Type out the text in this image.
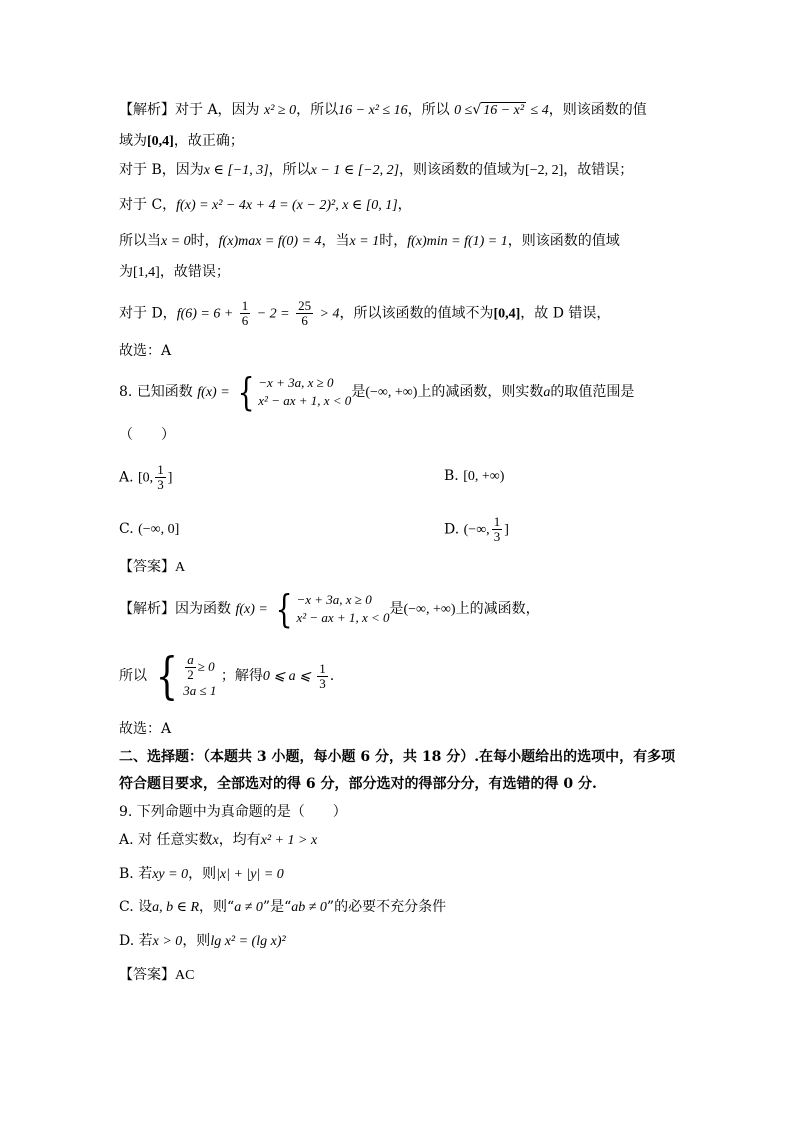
【解析】对于 A，因为 x² ≥ 0，所以16 − x² ≤ 16，所以 0 ≤√ 16 − x² ≤ 4，则该函数的值
域为[0,4]，故正确；
对于 B，因为x ∈ [−1, 3]，所以x − 1 ∈ [−2, 2]，则该函数的值域为[−2, 2]，故错误；
对于 C，f(x) = x² − 4x + 4 = (x − 2)², x ∈ [0, 1]，
所以当x = 0时，f(x)max = f(0) = 4，当x = 1时，f(x)min = f(1) = 1，则该函数的值域
为[1,4]，故错误；
对于 D，$f(6) = 6 + \frac{1}{6} - 2 = \frac{25}{6} > 4$，所以该函数的值域不为[0,4]，故 D 错误，
故选：A
8. 已知函数 f(x) = { −x + 3a, x ≥ 0
x² − ax + 1, x < 0
是(−∞, +∞)上的减函数，则实数a的取值范围是
（　　）
A. [0, $\frac{1}{3}$ ]	B. [0, +∞)
C. (−∞, 0]	D. (−∞, $\frac{1}{3}$ ]
【答案】A
【解析】因为函数 f(x) = { −x + 3a, x ≥ 0
x² − ax + 1, x < 0
是(−∞, +∞)上的减函数，
所以 { $\frac{a}{2} \ge 0$
3a ≤ 1
；解得0 ⩽ a ⩽ $\frac{1}{3}$ .
故选：A
二、选择题：（本题共 3 小题，每小题 6 分，共 18 分）.在每小题给出的选项中，有多项
符合题目要求，全部选对的得 6 分，部分选对的得部分分，有选错的得 0 分.
9. 下列命题中为真命题的是（　　）
A. 对 任意实数x，均有x² + 1 > x
B. 若xy = 0，则|x| + |y| = 0
C. 设a, b ∈ R，则“a ≠ 0”是“ab ≠ 0”的必要不充分条件
D. 若x > 0，则lg x² = (lg x)²
【答案】AC
